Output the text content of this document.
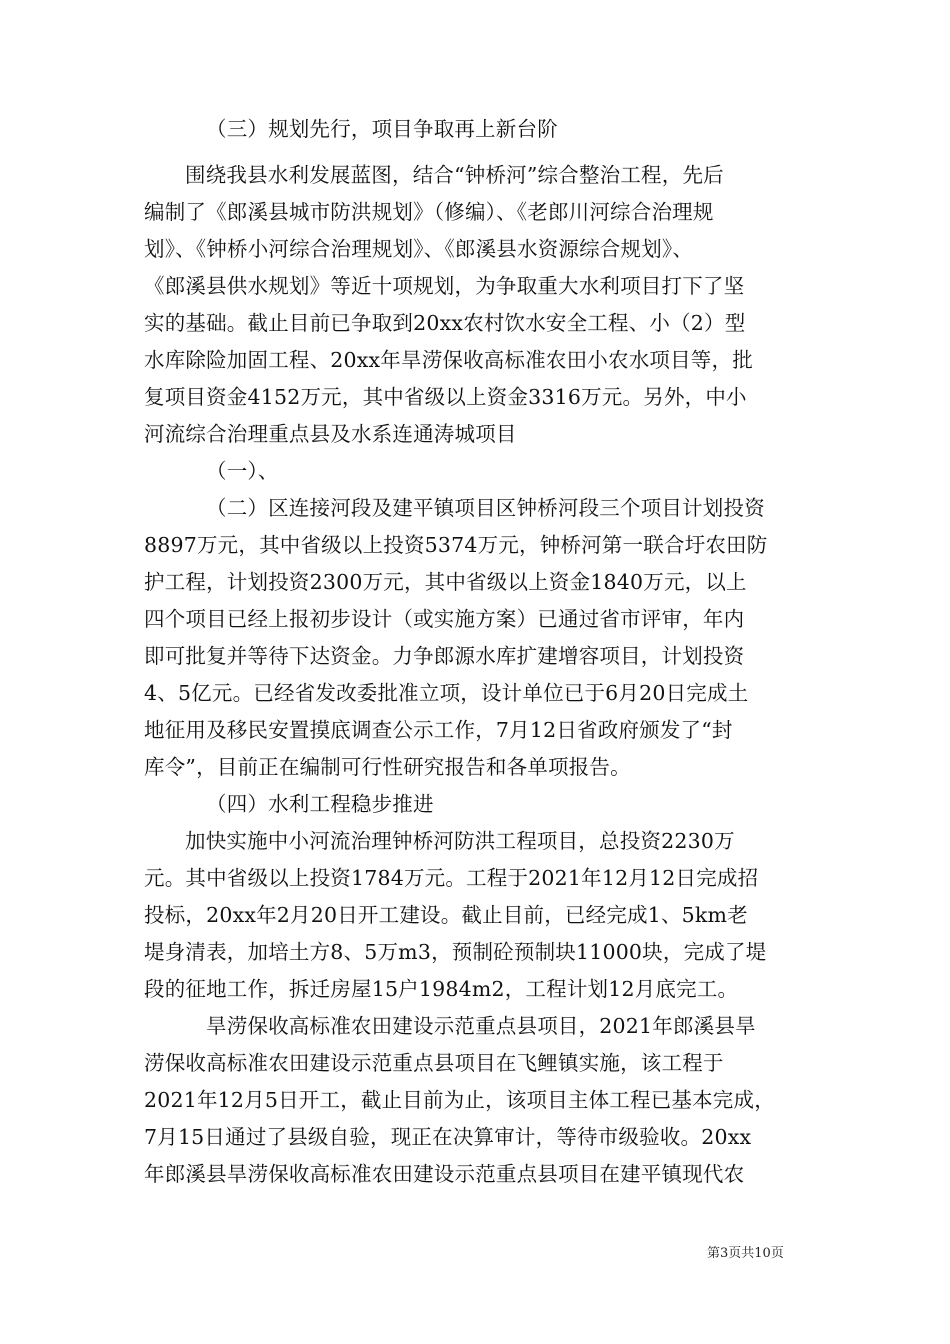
（三）规划先行，项目争取再上新台阶
围绕我县水利发展蓝图，结合“钟桥河”综合整治工程，先后
编制了《郎溪县城市防洪规划》（修编）、《老郎川河综合治理规
划》、《钟桥小河综合治理规划》、《郎溪县水资源综合规划》、
《郎溪县供水规划》等近十项规划，为争取重大水利项目打下了坚
实的基础。截止目前已争取到20xx农村饮水安全工程、小（2）型
水库除险加固工程、20xx年旱涝保收高标准农田小农水项目等，批
复项目资金4152万元，其中省级以上资金3316万元。另外，中小
河流综合治理重点县及水系连通涛城项目
（一）、
（二）区连接河段及建平镇项目区钟桥河段三个项目计划投资
8897万元，其中省级以上投资5374万元，钟桥河第一联合圩农田防
护工程，计划投资2300万元，其中省级以上资金1840万元，以上
四个项目已经上报初步设计（或实施方案）已通过省市评审，年内
即可批复并等待下达资金。力争郎源水库扩建增容项目，计划投资
4、5亿元。已经省发改委批准立项，设计单位已于6月20日完成土
地征用及移民安置摸底调查公示工作，7月12日省政府颁发了“封
库令”，目前正在编制可行性研究报告和各单项报告。
（四）水利工程稳步推进
加快实施中小河流治理钟桥河防洪工程项目，总投资2230万
元。其中省级以上投资1784万元。工程于2021年12月12日完成招
投标，20xx年2月20日开工建设。截止目前，已经完成1、5km老
堤身清表，加培土方8、5万m3，预制砼预制块11000块，完成了堤
段的征地工作，拆迁房屋15户1984m2，工程计划12月底完工。
旱涝保收高标准农田建设示范重点县项目，2021年郎溪县旱
涝保收高标准农田建设示范重点县项目在飞鲤镇实施，该工程于
2021年12月5日开工，截止目前为止，该项目主体工程已基本完成，
7月15日通过了县级自验，现正在决算审计，等待市级验收。20xx
年郎溪县旱涝保收高标准农田建设示范重点县项目在建平镇现代农
第3页共10页
